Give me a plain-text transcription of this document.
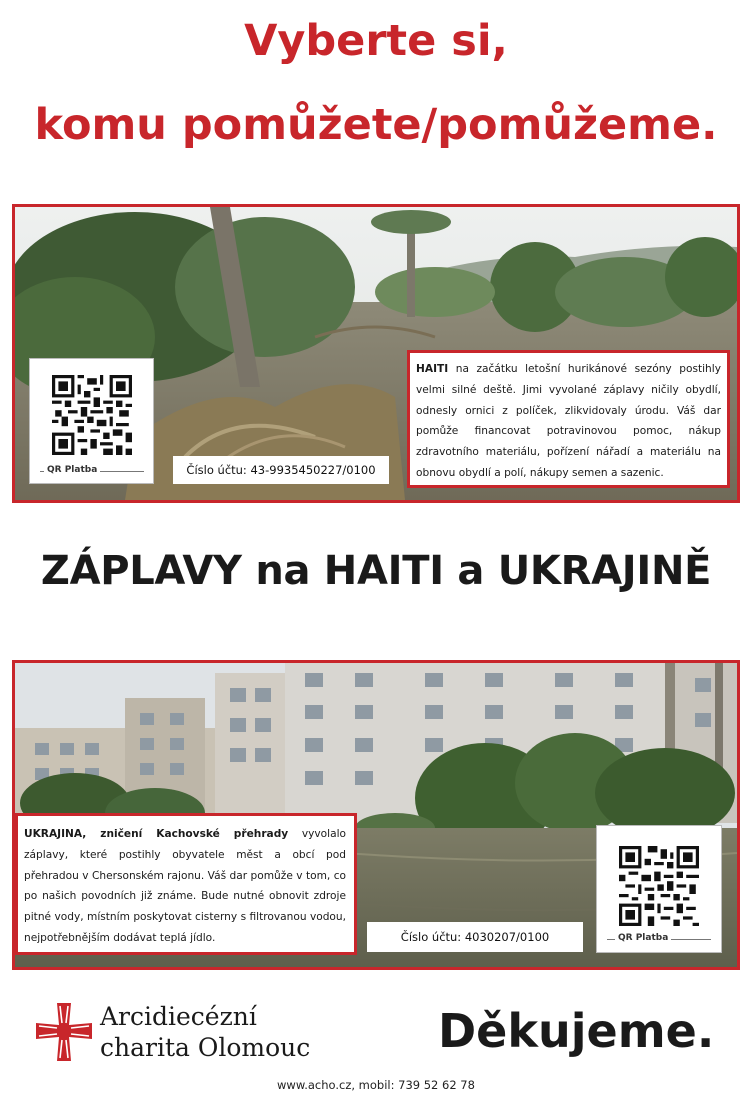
Vyberte si,
komu pomůžete/pomůžeme.
QR Platba	Číslo účtu: 43-9935450227/0100
HAITI na začátku letošní hurikánové sezóny postihly velmi silné deště. Jimi vyvolané záplavy ničily obydlí, odnesly ornici z políček, zlikvidovaly úrodu. Váš dar pomůže financovat potravinovou pomoc, nákup zdravotního materiálu, pořízení nářadí a materiálu na obnovu obydlí a polí, nákupy semen a sazenic.
ZÁPLAVY na HAITI a UKRAJINĚ
UKRAJINA, zničení Kachovské přehrady vyvolalo záplavy, které postihly obyvatele měst a obcí pod přehradou v Chersonském rajonu. Váš dar pomůže v tom, co po našich povodních již známe. Bude nutné obnovit zdroje pitné vody, místním poskytovat cisterny s filtrovanou vodou, nejpotřebnějším dodávat teplá jídlo.	Číslo účtu: 4030207/0100	QR Platba
Arcidiecézní
charita Olomouc	Děkujeme.
www.acho.cz, mobil: 739 52 62 78
